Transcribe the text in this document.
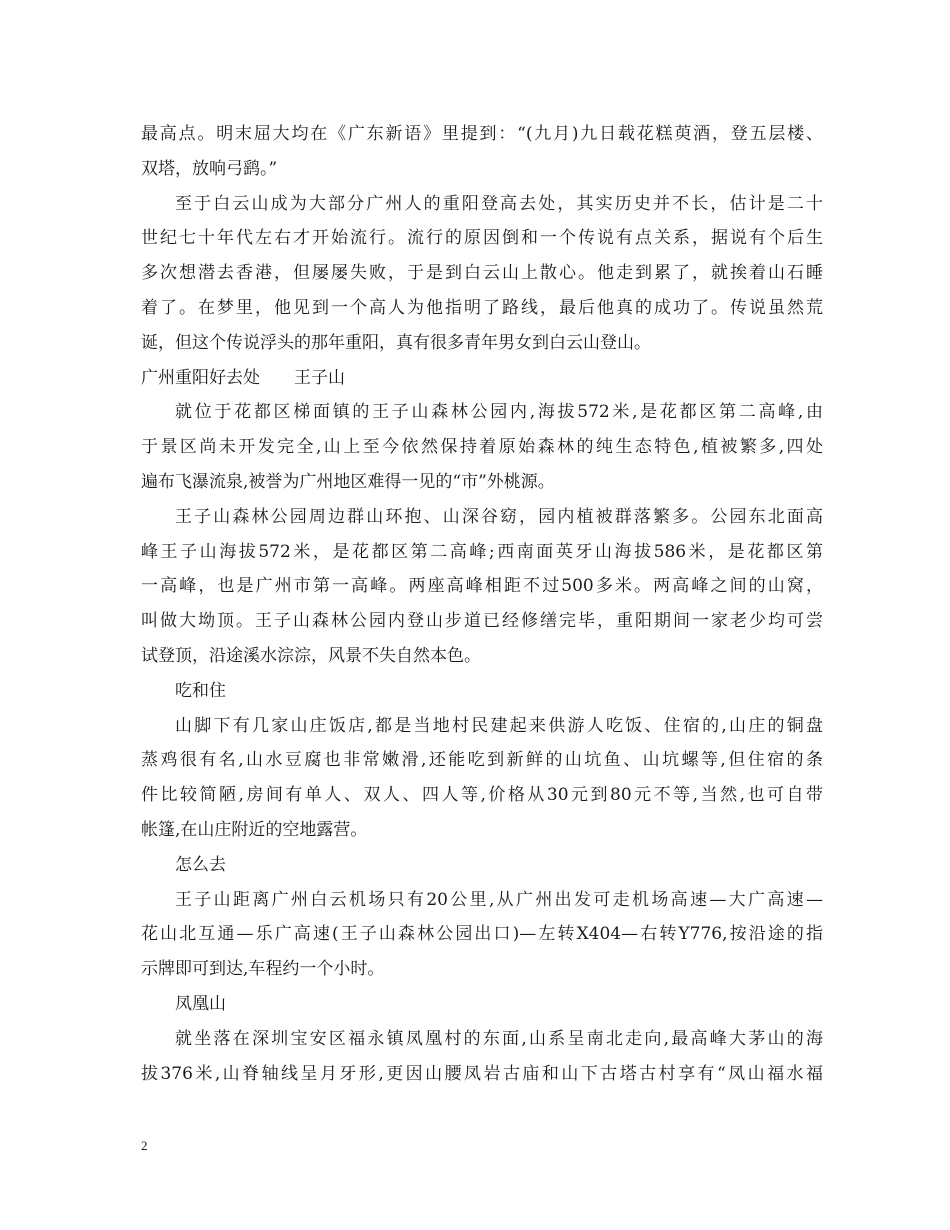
最高点。明末屈大均在《广东新语》里提到：“(九月)九日载花糕萸酒，登五层楼、
双塔，放响弓鹞。”
至于白云山成为大部分广州人的重阳登高去处，其实历史并不长，估计是二十
世纪七十年代左右才开始流行。流行的原因倒和一个传说有点关系，据说有个后生
多次想潜去香港，但屡屡失败，于是到白云山上散心。他走到累了，就挨着山石睡
着了。在梦里，他见到一个高人为他指明了路线，最后他真的成功了。传说虽然荒
诞，但这个传说浮头的那年重阳，真有很多青年男女到白云山登山。
广州重阳好去处　　王子山
就位于花都区梯面镇的王子山森林公园内,海拔572米,是花都区第二高峰,由
于景区尚未开发完全,山上至今依然保持着原始森林的纯生态特色,植被繁多,四处
遍布飞瀑流泉,被誉为广州地区难得一见的“市”外桃源。
王子山森林公园周边群山环抱、山深谷窈，园内植被群落繁多。公园东北面高
峰王子山海拔572米，是花都区第二高峰;西南面英牙山海拔586米，是花都区第
一高峰，也是广州市第一高峰。两座高峰相距不过500多米。两高峰之间的山窝，
叫做大坳顶。王子山森林公园内登山步道已经修缮完毕，重阳期间一家老少均可尝
试登顶，沿途溪水淙淙，风景不失自然本色。
吃和住
山脚下有几家山庄饭店,都是当地村民建起来供游人吃饭、住宿的,山庄的铜盘
蒸鸡很有名,山水豆腐也非常嫩滑,还能吃到新鲜的山坑鱼、山坑螺等,但住宿的条
件比较简陋,房间有单人、双人、四人等,价格从30元到80元不等,当然,也可自带
帐篷,在山庄附近的空地露营。
怎么去
王子山距离广州白云机场只有20公里,从广州出发可走机场高速—大广高速—
花山北互通—乐广高速(王子山森林公园出口)—左转X404—右转Y776,按沿途的指
示牌即可到达,车程约一个小时。
凤凰山
就坐落在深圳宝安区福永镇凤凰村的东面,山系呈南北走向,最高峰大茅山的海
拔376米,山脊轴线呈月牙形,更因山腰凤岩古庙和山下古塔古村享有“凤山福水福
2
